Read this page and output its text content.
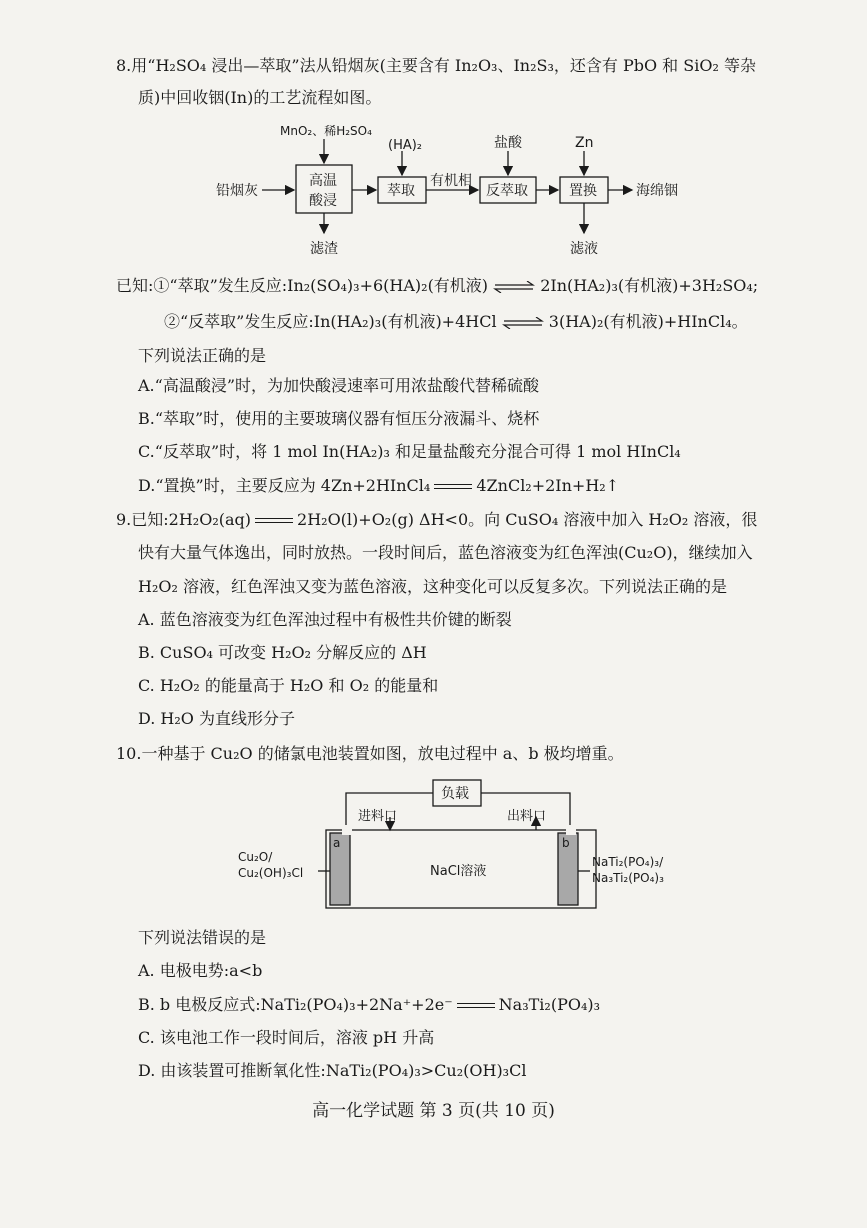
8.用“H₂SO₄ 浸出—萃取”法从铅烟灰(主要含有 In₂O₃、In₂S₃，还含有 PbO 和 SiO₂ 等杂
质)中回收铟(In)的工艺流程如图。
MnO₂、稀H₂SO₄
(HA)₂	盐酸	Zn
铅烟灰
高温
酸浸
萃取
有机相
反萃取	置换	海绵铟
滤渣	滤液
已知:①“萃取”发生反应:In₂(SO₄)₃+6(HA)₂(有机液) ⇌ 2In(HA₂)₃(有机液)+3H₂SO₄;
②“反萃取”发生反应:In(HA₂)₃(有机液)+4HCl ⇌ 3(HA)₂(有机液)+HInCl₄。
下列说法正确的是
A.“高温酸浸”时，为加快酸浸速率可用浓盐酸代替稀硫酸
B.“萃取”时，使用的主要玻璃仪器有恒压分液漏斗、烧杯
C.“反萃取”时，将 1 mol In(HA₂)₃ 和足量盐酸充分混合可得 1 mol HInCl₄
D.“置换”时，主要反应为 4Zn+2HInCl₄	4ZnCl₂+2In+H₂↑
9.已知:2H₂O₂(aq)	2H₂O(l)+O₂(g) ΔH<0。向 CuSO₄ 溶液中加入 H₂O₂ 溶液，很
快有大量气体逸出，同时放热。一段时间后，蓝色溶液变为红色浑浊(Cu₂O)，继续加入
H₂O₂ 溶液，红色浑浊又变为蓝色溶液，这种变化可以反复多次。下列说法正确的是
A. 蓝色溶液变为红色浑浊过程中有极性共价键的断裂
B. CuSO₄ 可改变 H₂O₂ 分解反应的 ΔH
C. H₂O₂ 的能量高于 H₂O 和 O₂ 的能量和
D. H₂O 为直线形分子
10.一种基于 Cu₂O 的储氯电池装置如图，放电过程中 a、b 极均增重。
负载
进料口	出料口
a	b
NaCl溶液
Cu₂O/
Cu₂(OH)₃Cl
NaTi₂(PO₄)₃/
Na₃Ti₂(PO₄)₃
下列说法错误的是
A. 电极电势:a<b
B. b 电极反应式:NaTi₂(PO₄)₃+2Na⁺+2e⁻	Na₃Ti₂(PO₄)₃
C. 该电池工作一段时间后，溶液 pH 升高
D. 由该装置可推断氧化性:NaTi₂(PO₄)₃>Cu₂(OH)₃Cl
高一化学试题 第 3 页(共 10 页)
